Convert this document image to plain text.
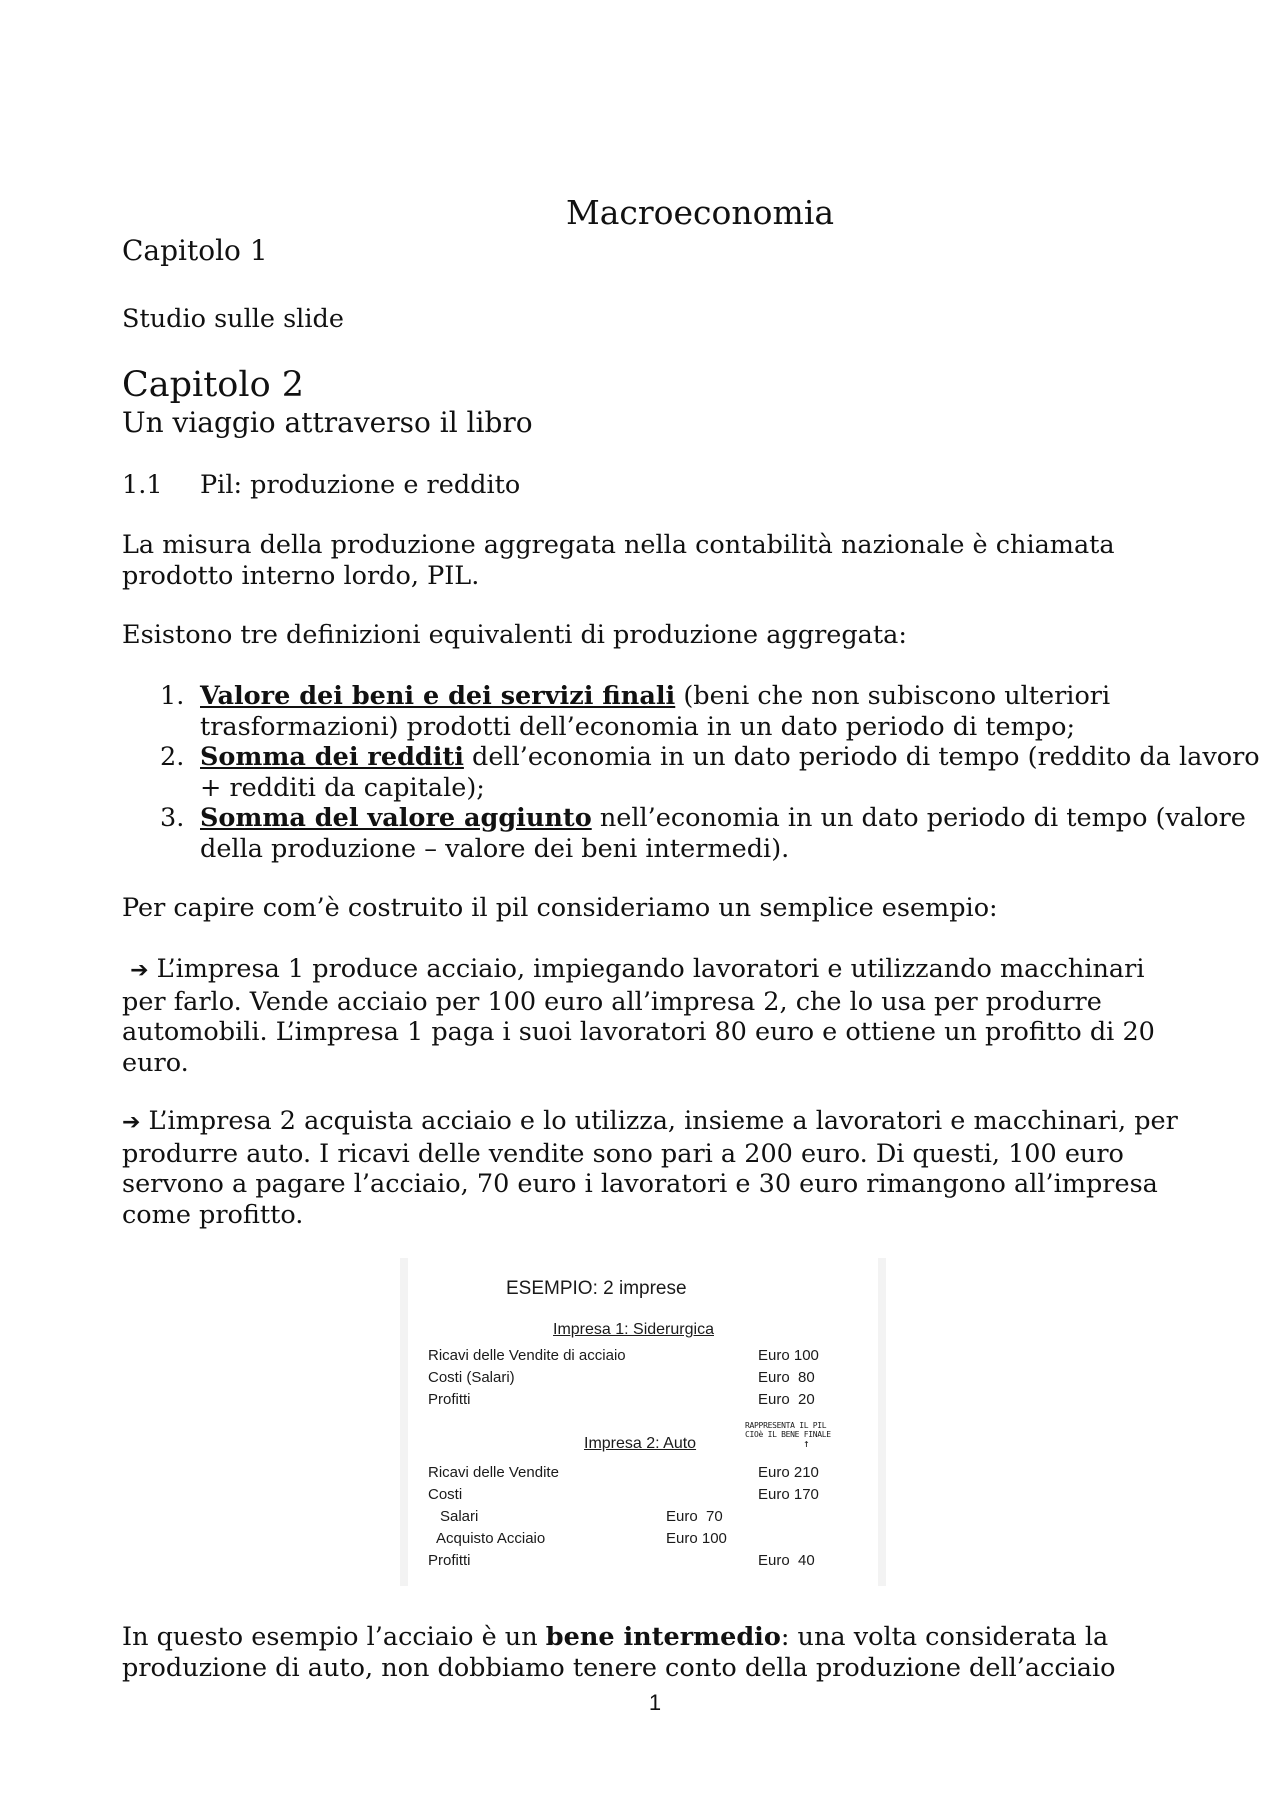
Macroeconomia
Capitolo 1
Studio sulle slide
Capitolo 2
Un viaggio attraverso il libro
1.1 Pil: produzione e reddito

La misura della produzione aggregata nella contabilità nazionale è chiamata prodotto interno lordo, PIL.

Esistono tre definizioni equivalenti di produzione aggregata:

1. Valore dei beni e dei servizi finali (beni che non subiscono ulteriori trasformazioni) prodotti dell’economia in un dato periodo di tempo;
2. Somma dei redditi dell’economia in un dato periodo di tempo (reddito da lavoro + redditi da capitale);
3. Somma del valore aggiunto nell’economia in un dato periodo di tempo (valore della produzione – valore dei beni intermedi).

Per capire com’è costruito il pil consideriamo un semplice esempio:

➔ L’impresa 1 produce acciaio, impiegando lavoratori e utilizzando macchinari per farlo. Vende acciaio per 100 euro all’impresa 2, che lo usa per produrre automobili. L’impresa 1 paga i suoi lavoratori 80 euro e ottiene un profitto di 20 euro.

➔ L’impresa 2 acquista acciaio e lo utilizza, insieme a lavoratori e macchinari, per produrre auto. I ricavi delle vendite sono pari a 200 euro. Di questi, 100 euro servono a pagare l’acciaio, 70 euro i lavoratori e 30 euro rimangono all’impresa come profitto.

ESEMPIO: 2 imprese
Impresa 1: Siderurgica
Ricavi delle Vendite di acciaio	Euro 100
Costi (Salari)	Euro  80
Profitti	Euro  20
RAPPRESENTA IL PIL
CIOè IL BENE FINALE
↑
Impresa 2: Auto
Ricavi delle Vendite	Euro 210
Costi	Euro 170
Salari	Euro  70
Acquisto Acciaio	Euro 100
Profitti	Euro  40

In questo esempio l’acciaio è un bene intermedio: una volta considerata la produzione di auto, non dobbiamo tenere conto della produzione dell’acciaio

1
